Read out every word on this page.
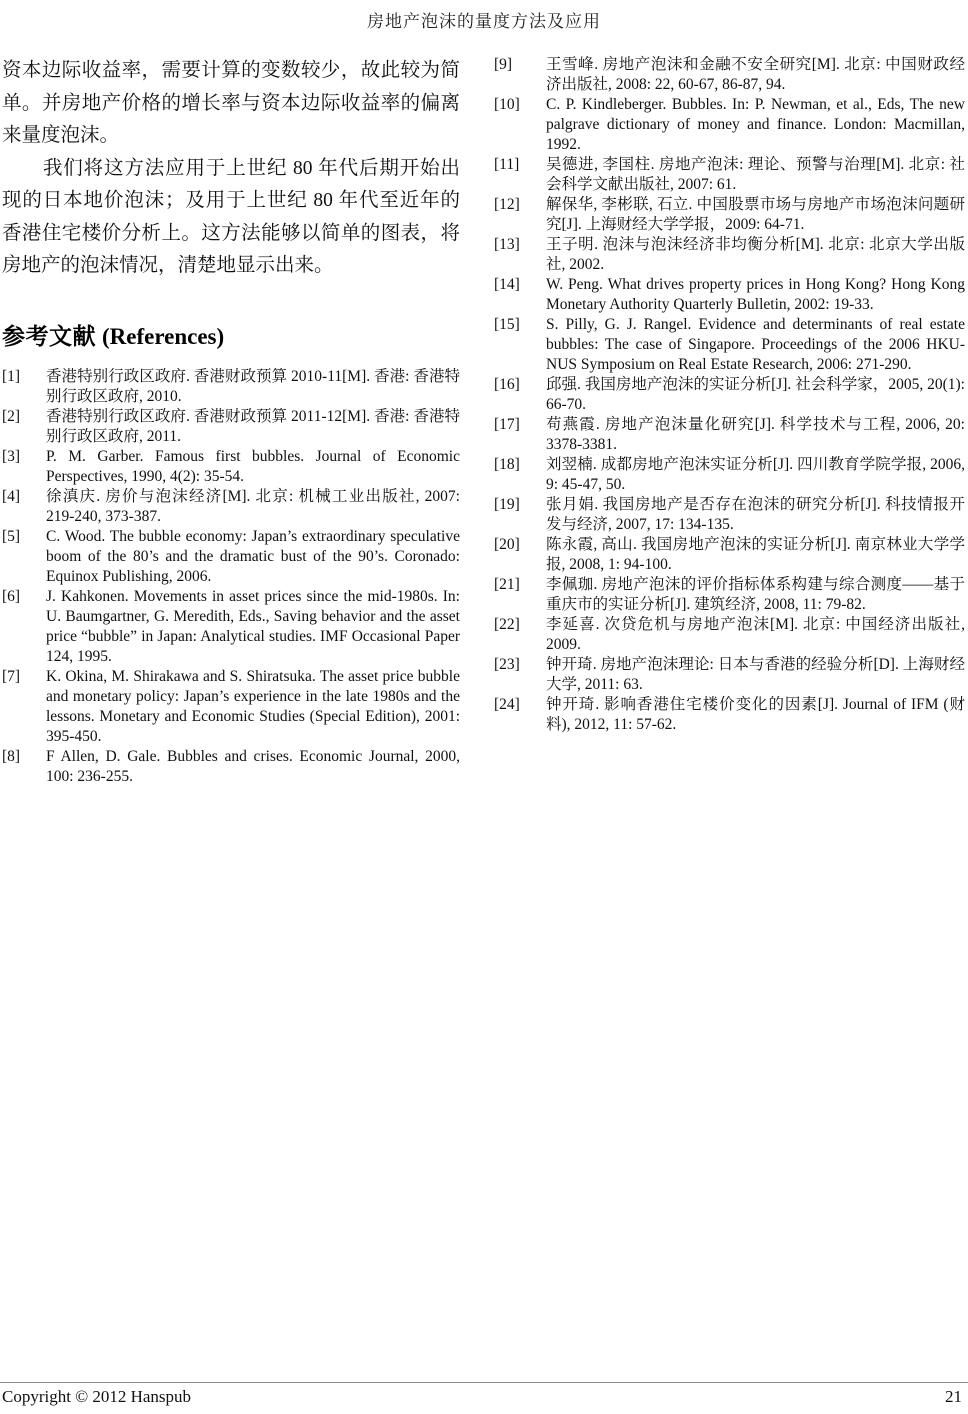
房地产泡沫的量度方法及应用

资本边际收益率，需要计算的变数较少，故此较为简单。并房地产价格的增长率与资本边际收益率的偏离来量度泡沫。

我们将这方法应用于上世纪 80 年代后期开始出现的日本地价泡沫；及用于上世纪 80 年代至近年的香港住宅楼价分析上。这方法能够以简单的图表，将房地产的泡沫情况，清楚地显示出来。

参考文献 (References)
[1]	香港特别行政区政府. 香港财政预算 2010-11[M]. 香港: 香港特别行政区政府, 2010.
[2]	香港特别行政区政府. 香港财政预算 2011-12[M]. 香港: 香港特别行政区政府, 2011.
[3]	P. M. Garber. Famous first bubbles. Journal of Economic Perspectives, 1990, 4(2): 35-54.
[4]	徐滇庆. 房价与泡沫经济[M]. 北京: 机械工业出版社, 2007: 219-240, 373-387.
[5]	C. Wood. The bubble economy: Japan’s extraordinary speculative boom of the 80’s and the dramatic bust of the 90’s. Coronado: Equinox Publishing, 2006.
[6]	J. Kahkonen. Movements in asset prices since the mid-1980s. In: U. Baumgartner, G. Meredith, Eds., Saving behavior and the asset price “bubble” in Japan: Analytical studies. IMF Occasional Paper 124, 1995.
[7]	K. Okina, M. Shirakawa and S. Shiratsuka. The asset price bubble and monetary policy: Japan’s experience in the late 1980s and the lessons. Monetary and Economic Studies (Special Edition), 2001: 395-450.
[8]	F Allen, D. Gale. Bubbles and crises. Economic Journal, 2000, 100: 236-255.
[9]	王雪峰. 房地产泡沫和金融不安全研究[M]. 北京: 中国财政经济出版社, 2008: 22, 60-67, 86-87, 94.
[10]	C. P. Kindleberger. Bubbles. In: P. Newman, et al., Eds, The new palgrave dictionary of money and finance. London: Macmillan, 1992.
[11]	吴德进, 李国柱. 房地产泡沫: 理论、预警与治理[M]. 北京: 社会科学文献出版社, 2007: 61.
[12]	解保华, 李彬联, 石立. 中国股票市场与房地产市场泡沫问题研究[J]. 上海财经大学学报，2009: 64-71.
[13]	王子明. 泡沫与泡沫经济非均衡分析[M]. 北京: 北京大学出版社, 2002.
[14]	W. Peng. What drives property prices in Hong Kong? Hong Kong Monetary Authority Quarterly Bulletin, 2002: 19-33.
[15]	S. Pilly, G. J. Rangel. Evidence and determinants of real estate bubbles: The case of Singapore. Proceedings of the 2006 HKU-NUS Symposium on Real Estate Research, 2006: 271-290.
[16]	邱强. 我国房地产泡沫的实证分析[J]. 社会科学家，2005, 20(1): 66-70.
[17]	苟燕霞. 房地产泡沫量化研究[J]. 科学技术与工程, 2006, 20: 3378-3381.
[18]	刘翌楠. 成都房地产泡沫实证分析[J]. 四川教育学院学报, 2006, 9: 45-47, 50.
[19]	张月娟. 我国房地产是否存在泡沫的研究分析[J]. 科技情报开发与经济, 2007, 17: 134-135.
[20]	陈永霞, 高山. 我国房地产泡沫的实证分析[J]. 南京林业大学学报, 2008, 1: 94-100.
[21]	李佩珈. 房地产泡沫的评价指标体系构建与综合测度——基于重庆市的实证分析[J]. 建筑经济, 2008, 11: 79-82.
[22]	李延喜. 次贷危机与房地产泡沫[M]. 北京: 中国经济出版社, 2009.
[23]	钟开琦. 房地产泡沫理论: 日本与香港的经验分析[D]. 上海财经大学, 2011: 63.
[24]	钟开琦. 影响香港住宅楼价变化的因素[J]. Journal of IFM (财料), 2012, 11: 57-62.
Copyright © 2012 Hanspub	21
